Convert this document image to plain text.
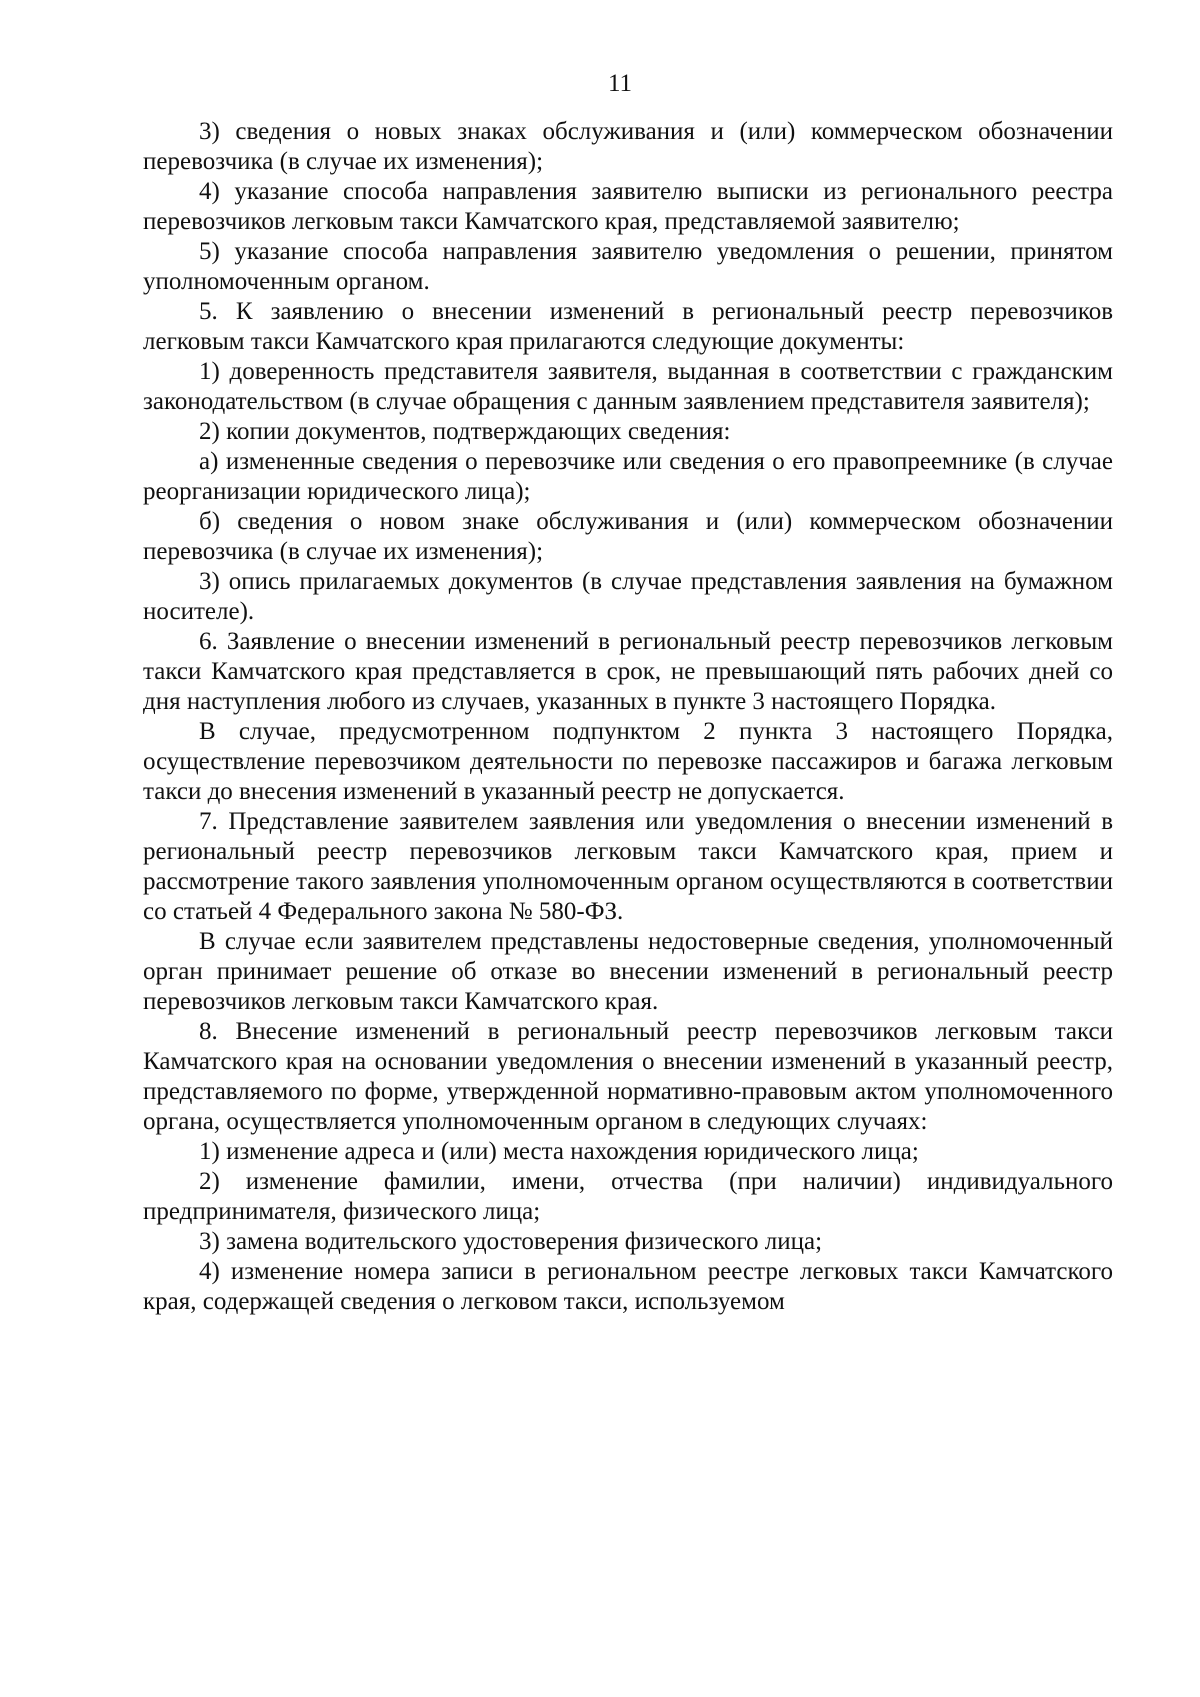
11

3) сведения о новых знаках обслуживания и (или) коммерческом обозначении перевозчика (в случае их изменения);

4) указание способа направления заявителю выписки из регионального реестра перевозчиков легковым такси Камчатского края, представляемой заявителю;

5) указание способа направления заявителю уведомления о решении, принятом уполномоченным органом.

5. К заявлению о внесении изменений в региональный реестр перевозчиков легковым такси Камчатского края прилагаются следующие документы:

1) доверенность представителя заявителя, выданная в соответствии с гражданским законодательством (в случае обращения с данным заявлением представителя заявителя);

2) копии документов, подтверждающих сведения:

а) измененные сведения о перевозчике или сведения о его правопреемнике (в случае реорганизации юридического лица);

б) сведения о новом знаке обслуживания и (или) коммерческом обозначении перевозчика (в случае их изменения);

3) опись прилагаемых документов (в случае представления заявления на бумажном носителе).

6. Заявление о внесении изменений в региональный реестр перевозчиков легковым такси Камчатского края представляется в срок, не превышающий пять рабочих дней со дня наступления любого из случаев, указанных в пункте 3 настоящего Порядка.

В случае, предусмотренном подпунктом 2 пункта 3 настоящего Порядка, осуществление перевозчиком деятельности по перевозке пассажиров и багажа легковым такси до внесения изменений в указанный реестр не допускается.

7. Представление заявителем заявления или уведомления о внесении изменений в региональный реестр перевозчиков легковым такси Камчатского края, прием и рассмотрение такого заявления уполномоченным органом осуществляются в соответствии со статьей 4 Федерального закона № 580-ФЗ.

В случае если заявителем представлены недостоверные сведения, уполномоченный орган принимает решение об отказе во внесении изменений в региональный реестр перевозчиков легковым такси Камчатского края.

8. Внесение изменений в региональный реестр перевозчиков легковым такси Камчатского края на основании уведомления о внесении изменений в указанный реестр, представляемого по форме, утвержденной нормативно-правовым актом уполномоченного органа, осуществляется уполномоченным органом в следующих случаях:

1) изменение адреса и (или) места нахождения юридического лица;

2) изменение фамилии, имени, отчества (при наличии) индивидуального предпринимателя, физического лица;

3) замена водительского удостоверения физического лица;

4) изменение номера записи в региональном реестре легковых такси Камчатского края, содержащей сведения о легковом такси, используемом
